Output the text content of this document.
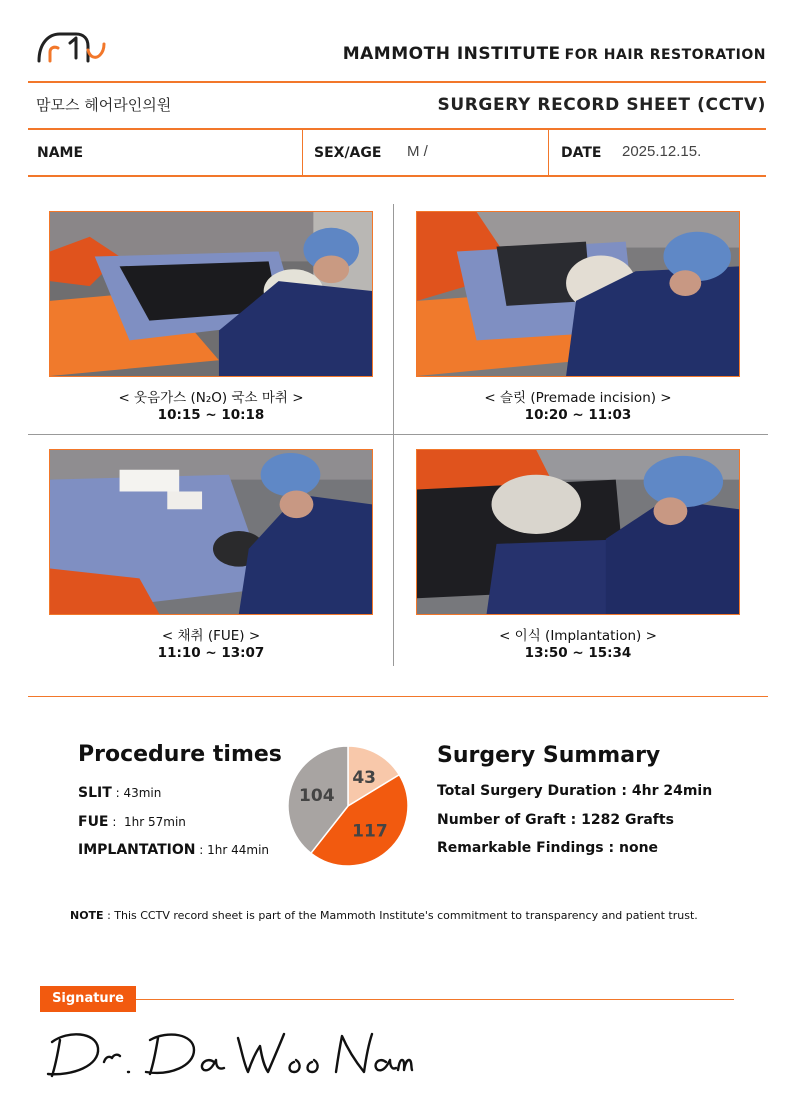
MAMMOTH INSTITUTE FOR HAIR RESTORATION
맘모스 헤어라인의원	SURGERY RECORD SHEET (CCTV)
NAME	SEX/AGE M /	DATE 2025.12.15.
< 웃음가스 (N₂O) 국소 마취 >
10:15 ~ 10:18
< 슬릿 (Premade incision) >
10:20 ~ 11:03
< 채취 (FUE) >
11:10 ~ 13:07
< 이식 (Implantation) >
13:50 ~ 15:34
Procedure times
SLIT : 43min
FUE :  1hr 57min
IMPLANTATION : 1hr 44min
43
117
104
Surgery Summary
Total Surgery Duration : 4hr 24min
Number of Graft : 1282 Grafts
Remarkable Findings : none
NOTE : This CCTV record sheet is part of the Mammoth Institute's commitment to transparency and patient trust.
Signature
